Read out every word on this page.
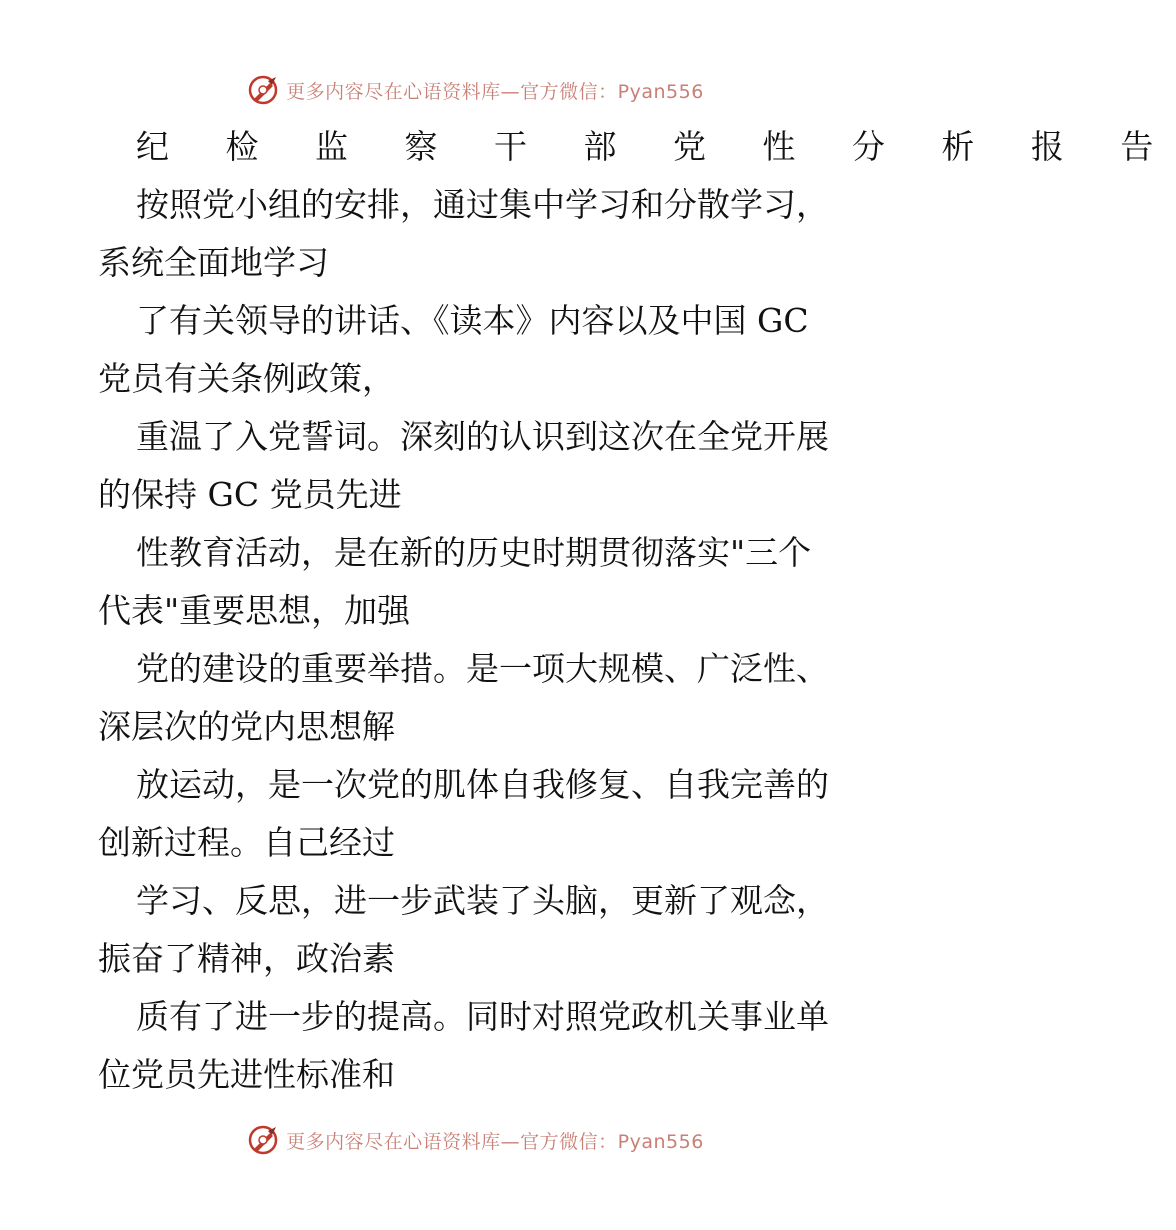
更多内容尽在心语资料库—官方微信：Pyan556
纪 检 监 察 干 部 党 性 分 析 报 告

按照党小组的安排，通过集中学习和分散学习，
系统全面地学习

了有关领导的讲话、《读本》内容以及中国 GC
党员有关条例政策，

重温了入党誓词。深刻的认识到这次在全党开展
的保持 GC 党员先进

性教育活动，是在新的历史时期贯彻落实"三个
代表"重要思想，加强

党的建设的重要举措。是一项大规模、广泛性、
深层次的党内思想解

放运动，是一次党的肌体自我修复、自我完善的
创新过程。自己经过

学习、反思，进一步武装了头脑，更新了观念，
振奋了精神，政治素

质有了进一步的提高。同时对照党政机关事业单
位党员先进性标准和

更多内容尽在心语资料库—官方微信：Pyan556
